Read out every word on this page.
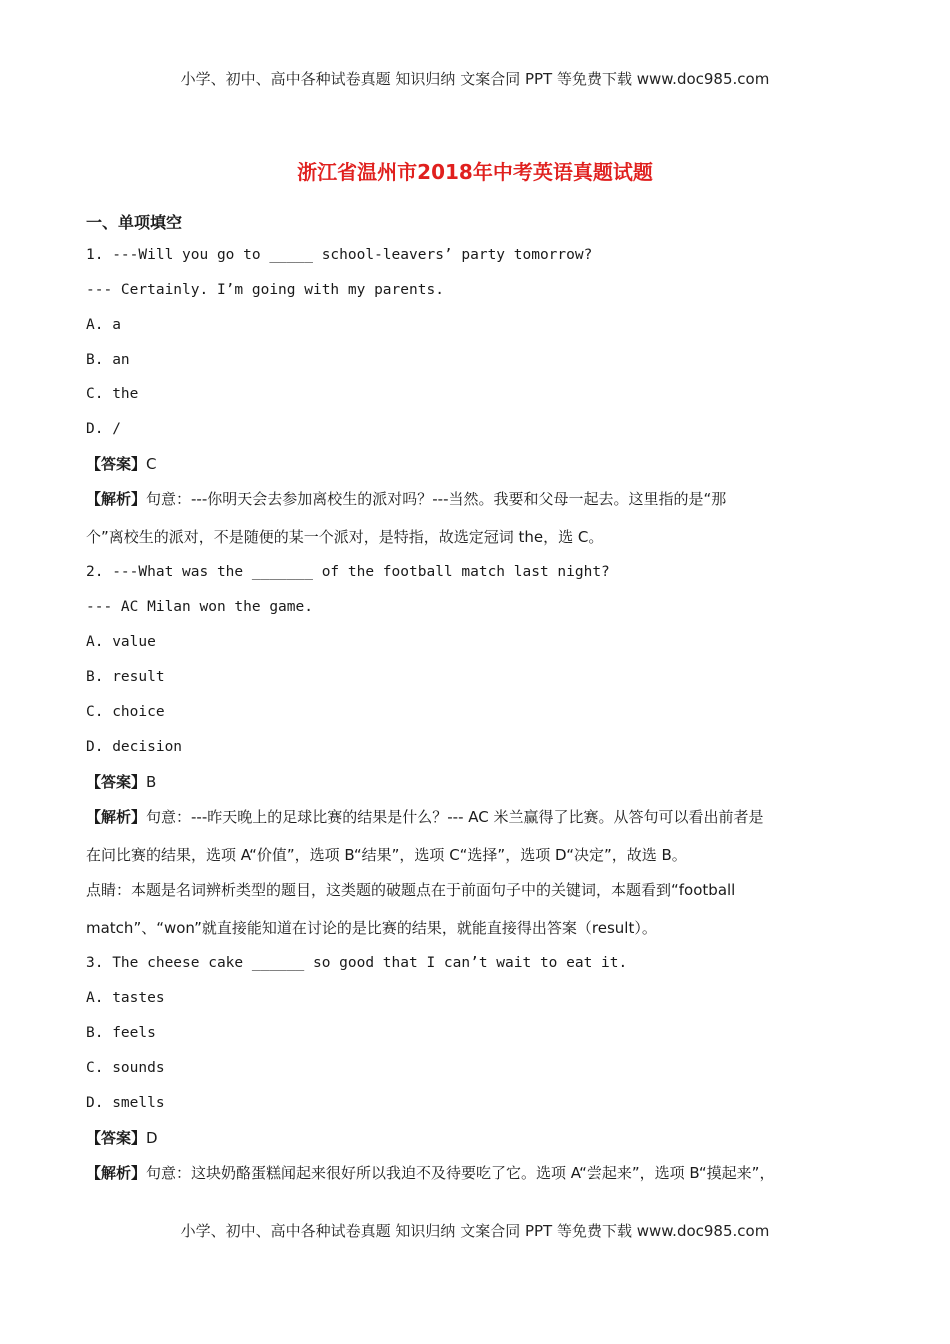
小学、初中、高中各种试卷真题 知识归纳 文案合同 PPT 等免费下载 www.doc985.com
浙江省温州市2018年中考英语真题试题
一、单项填空
1. ---Will you go to _____ school-leavers’ party tomorrow?
--- Certainly. I’m going with my parents.
A. a
B. an
C. the
D. /
【答案】C
【解析】句意：---你明天会去参加离校生的派对吗？---当然。我要和父母一起去。这里指的是“那
个”离校生的派对，不是随便的某一个派对，是特指，故选定冠词 the，选 C。
2. ---What was the _______ of the football match last night?
--- AC Milan won the game.
A. value
B. result
C. choice
D. decision
【答案】B
【解析】句意：---昨天晚上的足球比赛的结果是什么？--- AC 米兰赢得了比赛。从答句可以看出前者是
在问比赛的结果，选项 A“价值”，选项 B“结果”，选项 C“选择”，选项 D“决定”，故选 B。
点睛：本题是名词辨析类型的题目，这类题的破题点在于前面句子中的关键词，本题看到“football
match”、“won”就直接能知道在讨论的是比赛的结果，就能直接得出答案（result）。
3. The cheese cake ______ so good that I can’t wait to eat it.
A. tastes
B. feels
C. sounds
D. smells
【答案】D
【解析】句意：这块奶酪蛋糕闻起来很好所以我迫不及待要吃了它。选项 A“尝起来”，选项 B“摸起来”，
小学、初中、高中各种试卷真题 知识归纳 文案合同 PPT 等免费下载 www.doc985.com
